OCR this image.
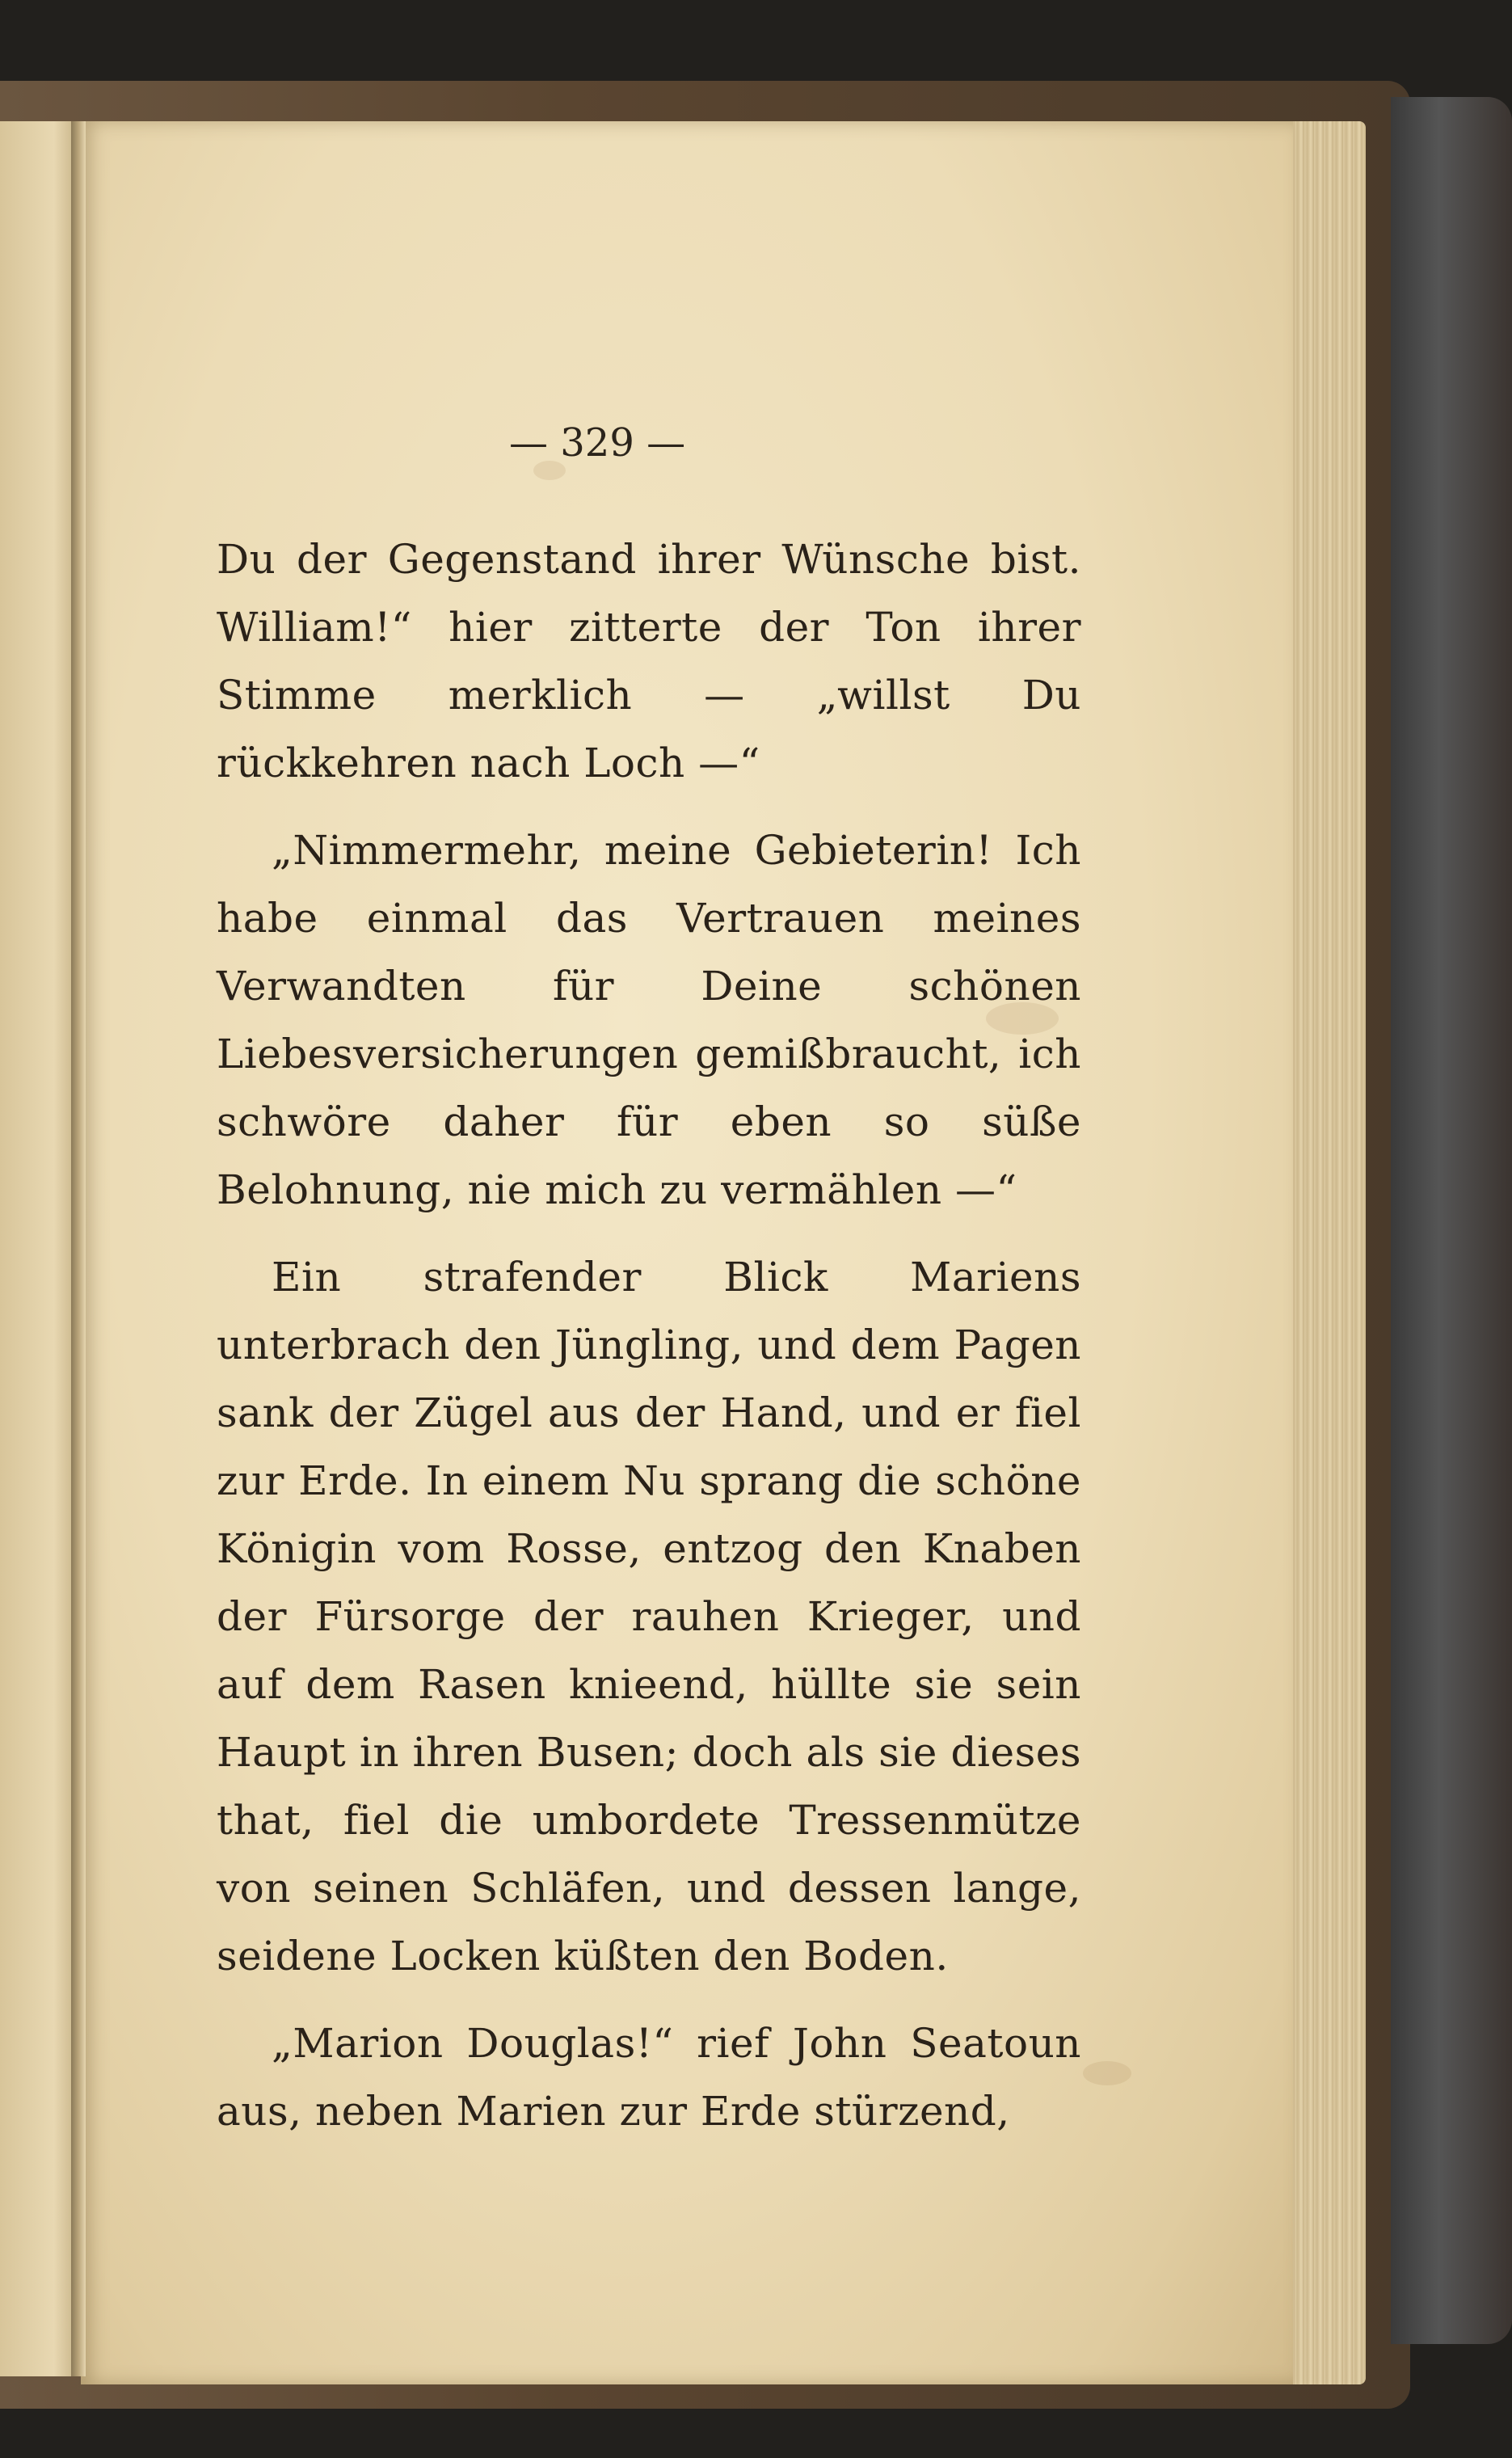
— 329 —

Du der Gegenstand ihrer Wünsche bist. William!“ hier zitterte der Ton ihrer Stimme merklich — „willst Du rückkehren nach Loch —“

„Nimmermehr, meine Gebieterin! Ich habe einmal das Vertrauen meines Verwandten für Deine schönen Liebesversicherungen gemißbraucht, ich schwöre daher für eben so süße Belohnung, nie mich zu vermählen —“

Ein strafender Blick Mariens unterbrach den Jüngling, und dem Pagen sank der Zügel aus der Hand, und er fiel zur Erde. In einem Nu sprang die schöne Königin vom Rosse, entzog den Knaben der Fürsorge der rauhen Krieger, und auf dem Rasen knieend, hüllte sie sein Haupt in ihren Busen; doch als sie dieses that, fiel die umbordete Tressenmütze von seinen Schläfen, und dessen lange, seidene Locken küßten den Boden.

„Marion Douglas!“ rief John Seatoun aus, neben Marien zur Erde stürzend,
